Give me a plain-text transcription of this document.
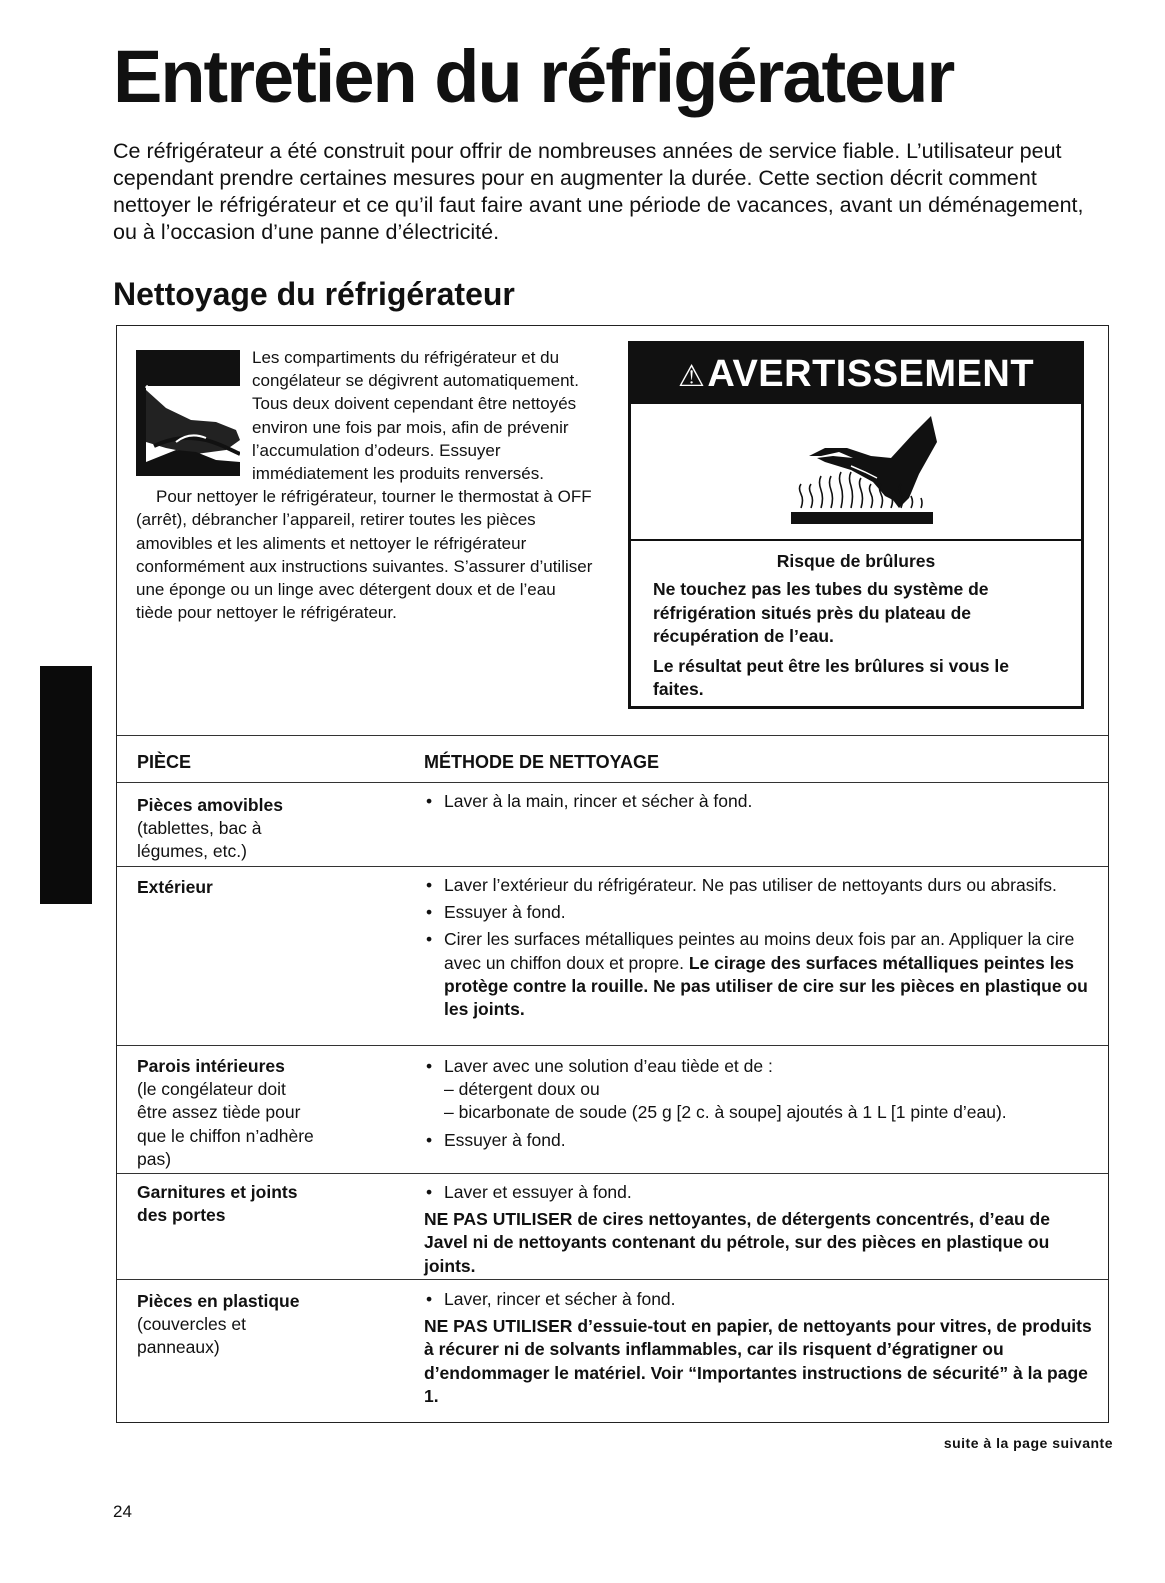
Entretien du réfrigérateur
Ce réfrigérateur a été construit pour offrir de nombreuses années de service fiable. L’utilisateur peut cependant prendre certaines mesures pour en augmenter la durée. Cette section décrit comment nettoyer le réfrigérateur et ce qu’il faut faire avant une période de vacances, avant un déménagement, ou à l’occasion d’une panne d’électricité.
Nettoyage du réfrigérateur

Les compartiments du réfrigérateur et du congélateur se dégivrent automatiquement. Tous deux doivent cependant être nettoyés environ une fois par mois, afin de prévenir l’accumulation d’odeurs. Essuyer immédiatement les produits renversés.

Pour nettoyer le réfrigérateur, tourner le thermostat à OFF (arrêt), débrancher l’appareil, retirer toutes les pièces amovibles et les aliments et nettoyer le réfrigérateur conformément aux instructions suivantes. S’assurer d’utiliser une éponge ou un linge avec détergent doux et de l’eau tiède pour nettoyer le réfrigérateur.

⚠AVERTISSEMENT
Risque de brûlures

Ne touchez pas les tubes du système de réfrigération situés près du plateau de récupération de l’eau.

Le résultat peut être les brûlures si vous le faites.

PIÈCE	MÉTHODE DE NETTOYAGE
Pièces amovibles
(tablettes, bac à légumes, etc.)
• Laver à la main, rincer et sécher à fond.
Extérieur
•	Laver l’extérieur du réfrigérateur. Ne pas utiliser de nettoyants durs ou abrasifs.
• Essuyer à fond.
• Cirer les surfaces métalliques peintes au moins deux fois par an. Appliquer la cire avec un chiffon doux et propre. Le cirage des surfaces métalliques peintes les protège contre la rouille. Ne pas utiliser de cire sur les pièces en plastique ou les joints.
Parois intérieures
(le congélateur doit être assez tiède pour que le chiffon n’adhère pas)
• Laver avec une solution d’eau tiède et de :
– détergent doux ou
– bicarbonate de soude (25 g [2 c. à soupe] ajoutés à 1 L [1 pinte d’eau).
• Essuyer à fond.
Garnitures et joints des portes
• Laver et essuyer à fond.
NE PAS UTILISER de cires nettoyantes, de détergents concentrés, d’eau de Javel ni de nettoyants contenant du pétrole, sur des pièces en plastique ou joints.
Pièces en plastique
(couvercles et panneaux)
• Laver, rincer et sécher à fond.
NE PAS UTILISER d’essuie-tout en papier, de nettoyants pour vitres, de produits à récurer ni de solvants inflammables, car ils risquent d’égratigner ou d’endommager le matériel. Voir “Importantes instructions de sécurité” à la page 1.
suite à la page suivante
24
